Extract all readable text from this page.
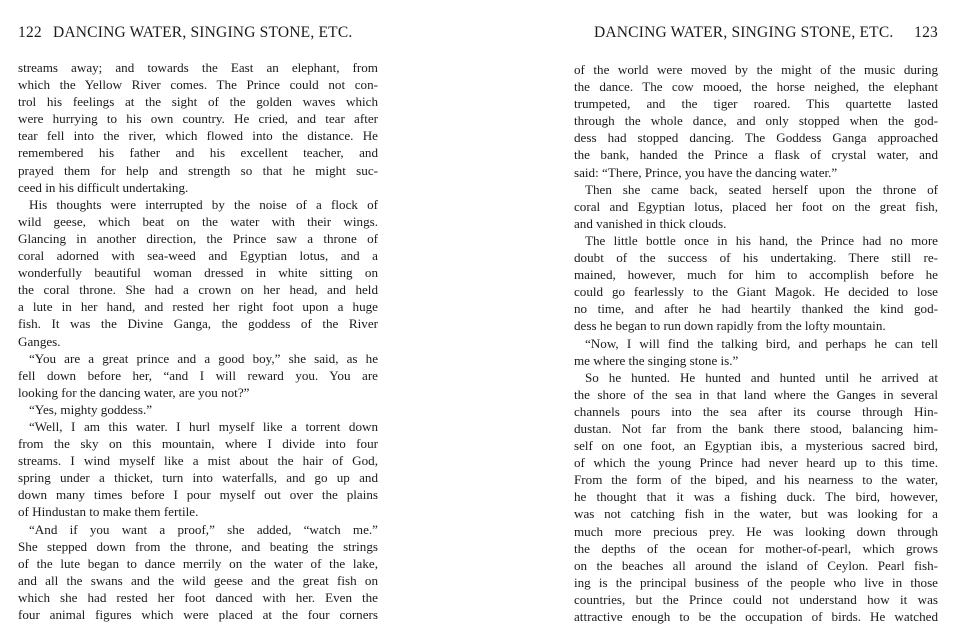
122 DANCING WATER, SINGING STONE, ETC.
streams away; and towards the East an elephant, from
which the Yellow River comes. The Prince could not con-
trol his feelings at the sight of the golden waves which
were hurrying to his own country. He cried, and tear after
tear fell into the river, which flowed into the distance. He
remembered his father and his excellent teacher, and
prayed them for help and strength so that he might suc-
ceed in his difficult undertaking.
His thoughts were interrupted by the noise of a flock of
wild geese, which beat on the water with their wings.
Glancing in another direction, the Prince saw a throne of
coral adorned with sea-weed and Egyptian lotus, and a
wonderfully beautiful woman dressed in white sitting on
the coral throne. She had a crown on her head, and held
a lute in her hand, and rested her right foot upon a huge
fish. It was the Divine Ganga, the goddess of the River
Ganges.
“You are a great prince and a good boy,” she said, as he
fell down before her, “and I will reward you. You are
looking for the dancing water, are you not?”
“Yes, mighty goddess.”
“Well, I am this water. I hurl myself like a torrent down
from the sky on this mountain, where I divide into four
streams. I wind myself like a mist about the hair of God,
spring under a thicket, turn into waterfalls, and go up and
down many times before I pour myself out over the plains
of Hindustan to make them fertile.
“And if you want a proof,” she added, “watch me.”
She stepped down from the throne, and beating the strings
of the lute began to dance merrily on the water of the lake,
and all the swans and the wild geese and the great fish on
which she had rested her foot danced with her. Even the
four animal figures which were placed at the four corners
DANCING WATER, SINGING STONE, ETC. 123
of the world were moved by the might of the music during
the dance. The cow mooed, the horse neighed, the elephant
trumpeted, and the tiger roared. This quartette lasted
through the whole dance, and only stopped when the god-
dess had stopped dancing. The Goddess Ganga approached
the bank, handed the Prince a flask of crystal water, and
said: “There, Prince, you have the dancing water.”
Then she came back, seated herself upon the throne of
coral and Egyptian lotus, placed her foot on the great fish,
and vanished in thick clouds.
The little bottle once in his hand, the Prince had no more
doubt of the success of his undertaking. There still re-
mained, however, much for him to accomplish before he
could go fearlessly to the Giant Magok. He decided to lose
no time, and after he had heartily thanked the kind god-
dess he began to run down rapidly from the lofty mountain.
“Now, I will find the talking bird, and perhaps he can tell
me where the singing stone is.”
So he hunted. He hunted and hunted until he arrived at
the shore of the sea in that land where the Ganges in several
channels pours into the sea after its course through Hin-
dustan. Not far from the bank there stood, balancing him-
self on one foot, an Egyptian ibis, a mysterious sacred bird,
of which the young Prince had never heard up to this time.
From the form of the biped, and his nearness to the water,
he thought that it was a fishing duck. The bird, however,
was not catching fish in the water, but was looking for a
much more precious prey. He was looking down through
the depths of the ocean for mother-of-pearl, which grows
on the beaches all around the island of Ceylon. Pearl fish-
ing is the principal business of the people who live in those
countries, but the Prince could not understand how it was
attractive enough to be the occupation of birds. He watched
